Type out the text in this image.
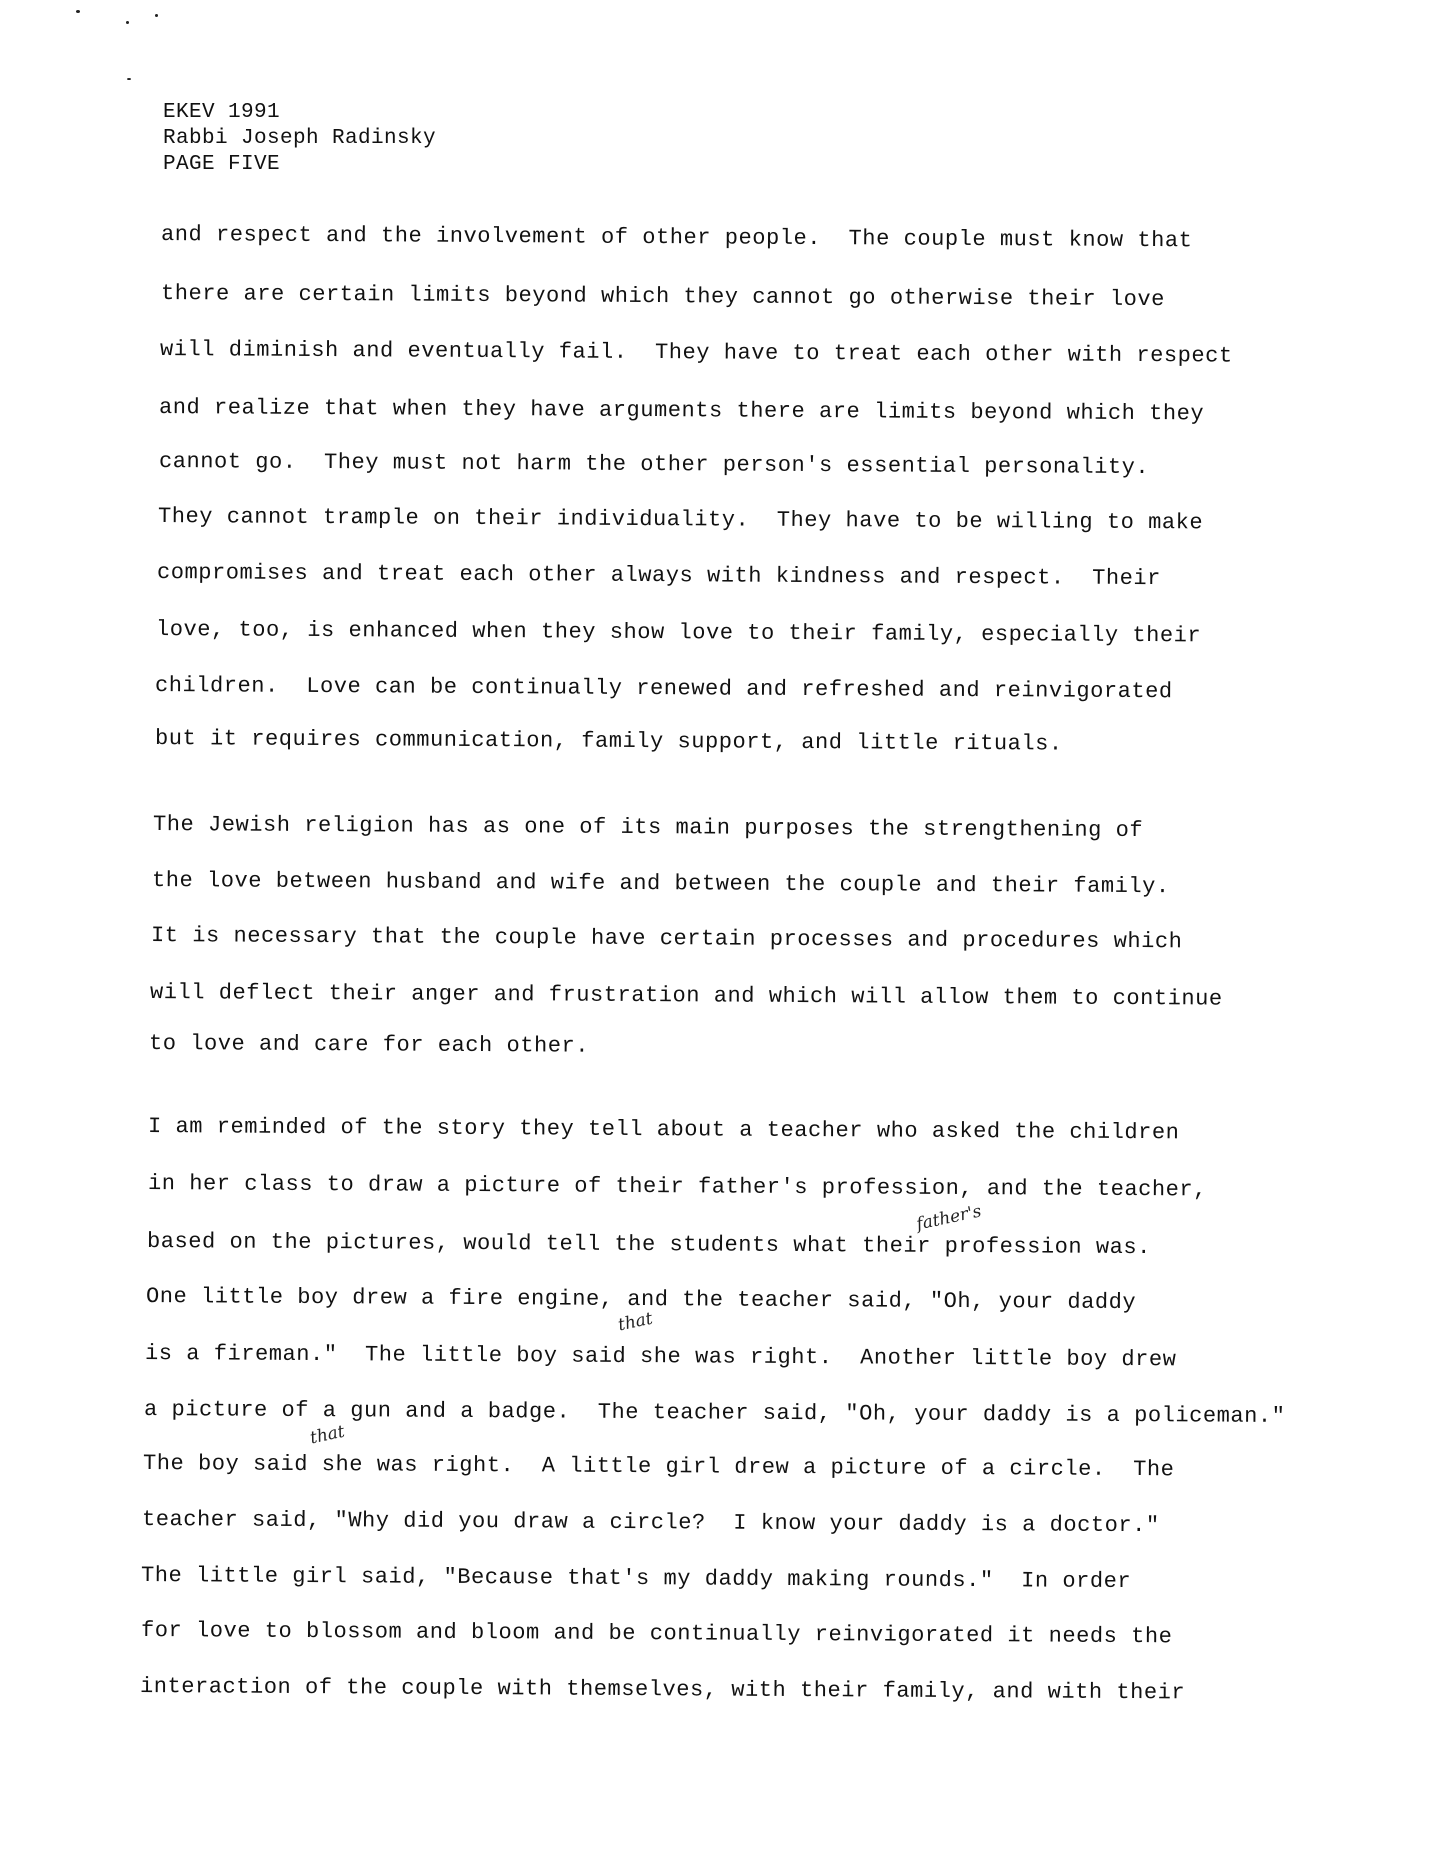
EKEV 1991
Rabbi Joseph Radinsky
PAGE FIVE
and respect and the involvement of other people.  The couple must know that
there are certain limits beyond which they cannot go otherwise their love
will diminish and eventually fail.  They have to treat each other with respect
and realize that when they have arguments there are limits beyond which they
cannot go.  They must not harm the other person's essential personality.
They cannot trample on their individuality.  They have to be willing to make
compromises and treat each other always with kindness and respect.  Their
love, too, is enhanced when they show love to their family, especially their
children.  Love can be continually renewed and refreshed and reinvigorated
but it requires communication, family support, and little rituals.
The Jewish religion has as one of its main purposes the strengthening of
the love between husband and wife and between the couple and their family.
It is necessary that the couple have certain processes and procedures which
will deflect their anger and frustration and which will allow them to continue
to love and care for each other.
I am reminded of the story they tell about a teacher who asked the children
in her class to draw a picture of their father's profession, and the teacher,
based on the pictures, would tell the students what their profession was.
One little boy drew a fire engine, and the teacher said, "Oh, your daddy
is a fireman."  The little boy said she was right.  Another little boy drew
a picture of a gun and a badge.  The teacher said, "Oh, your daddy is a policeman."
The boy said she was right.  A little girl drew a picture of a circle.  The
teacher said, "Why did you draw a circle?  I know your daddy is a doctor."
The little girl said, "Because that's my daddy making rounds."  In order
for love to blossom and bloom and be continually reinvigorated it needs the
interaction of the couple with themselves, with their family, and with their
father's
that
that
